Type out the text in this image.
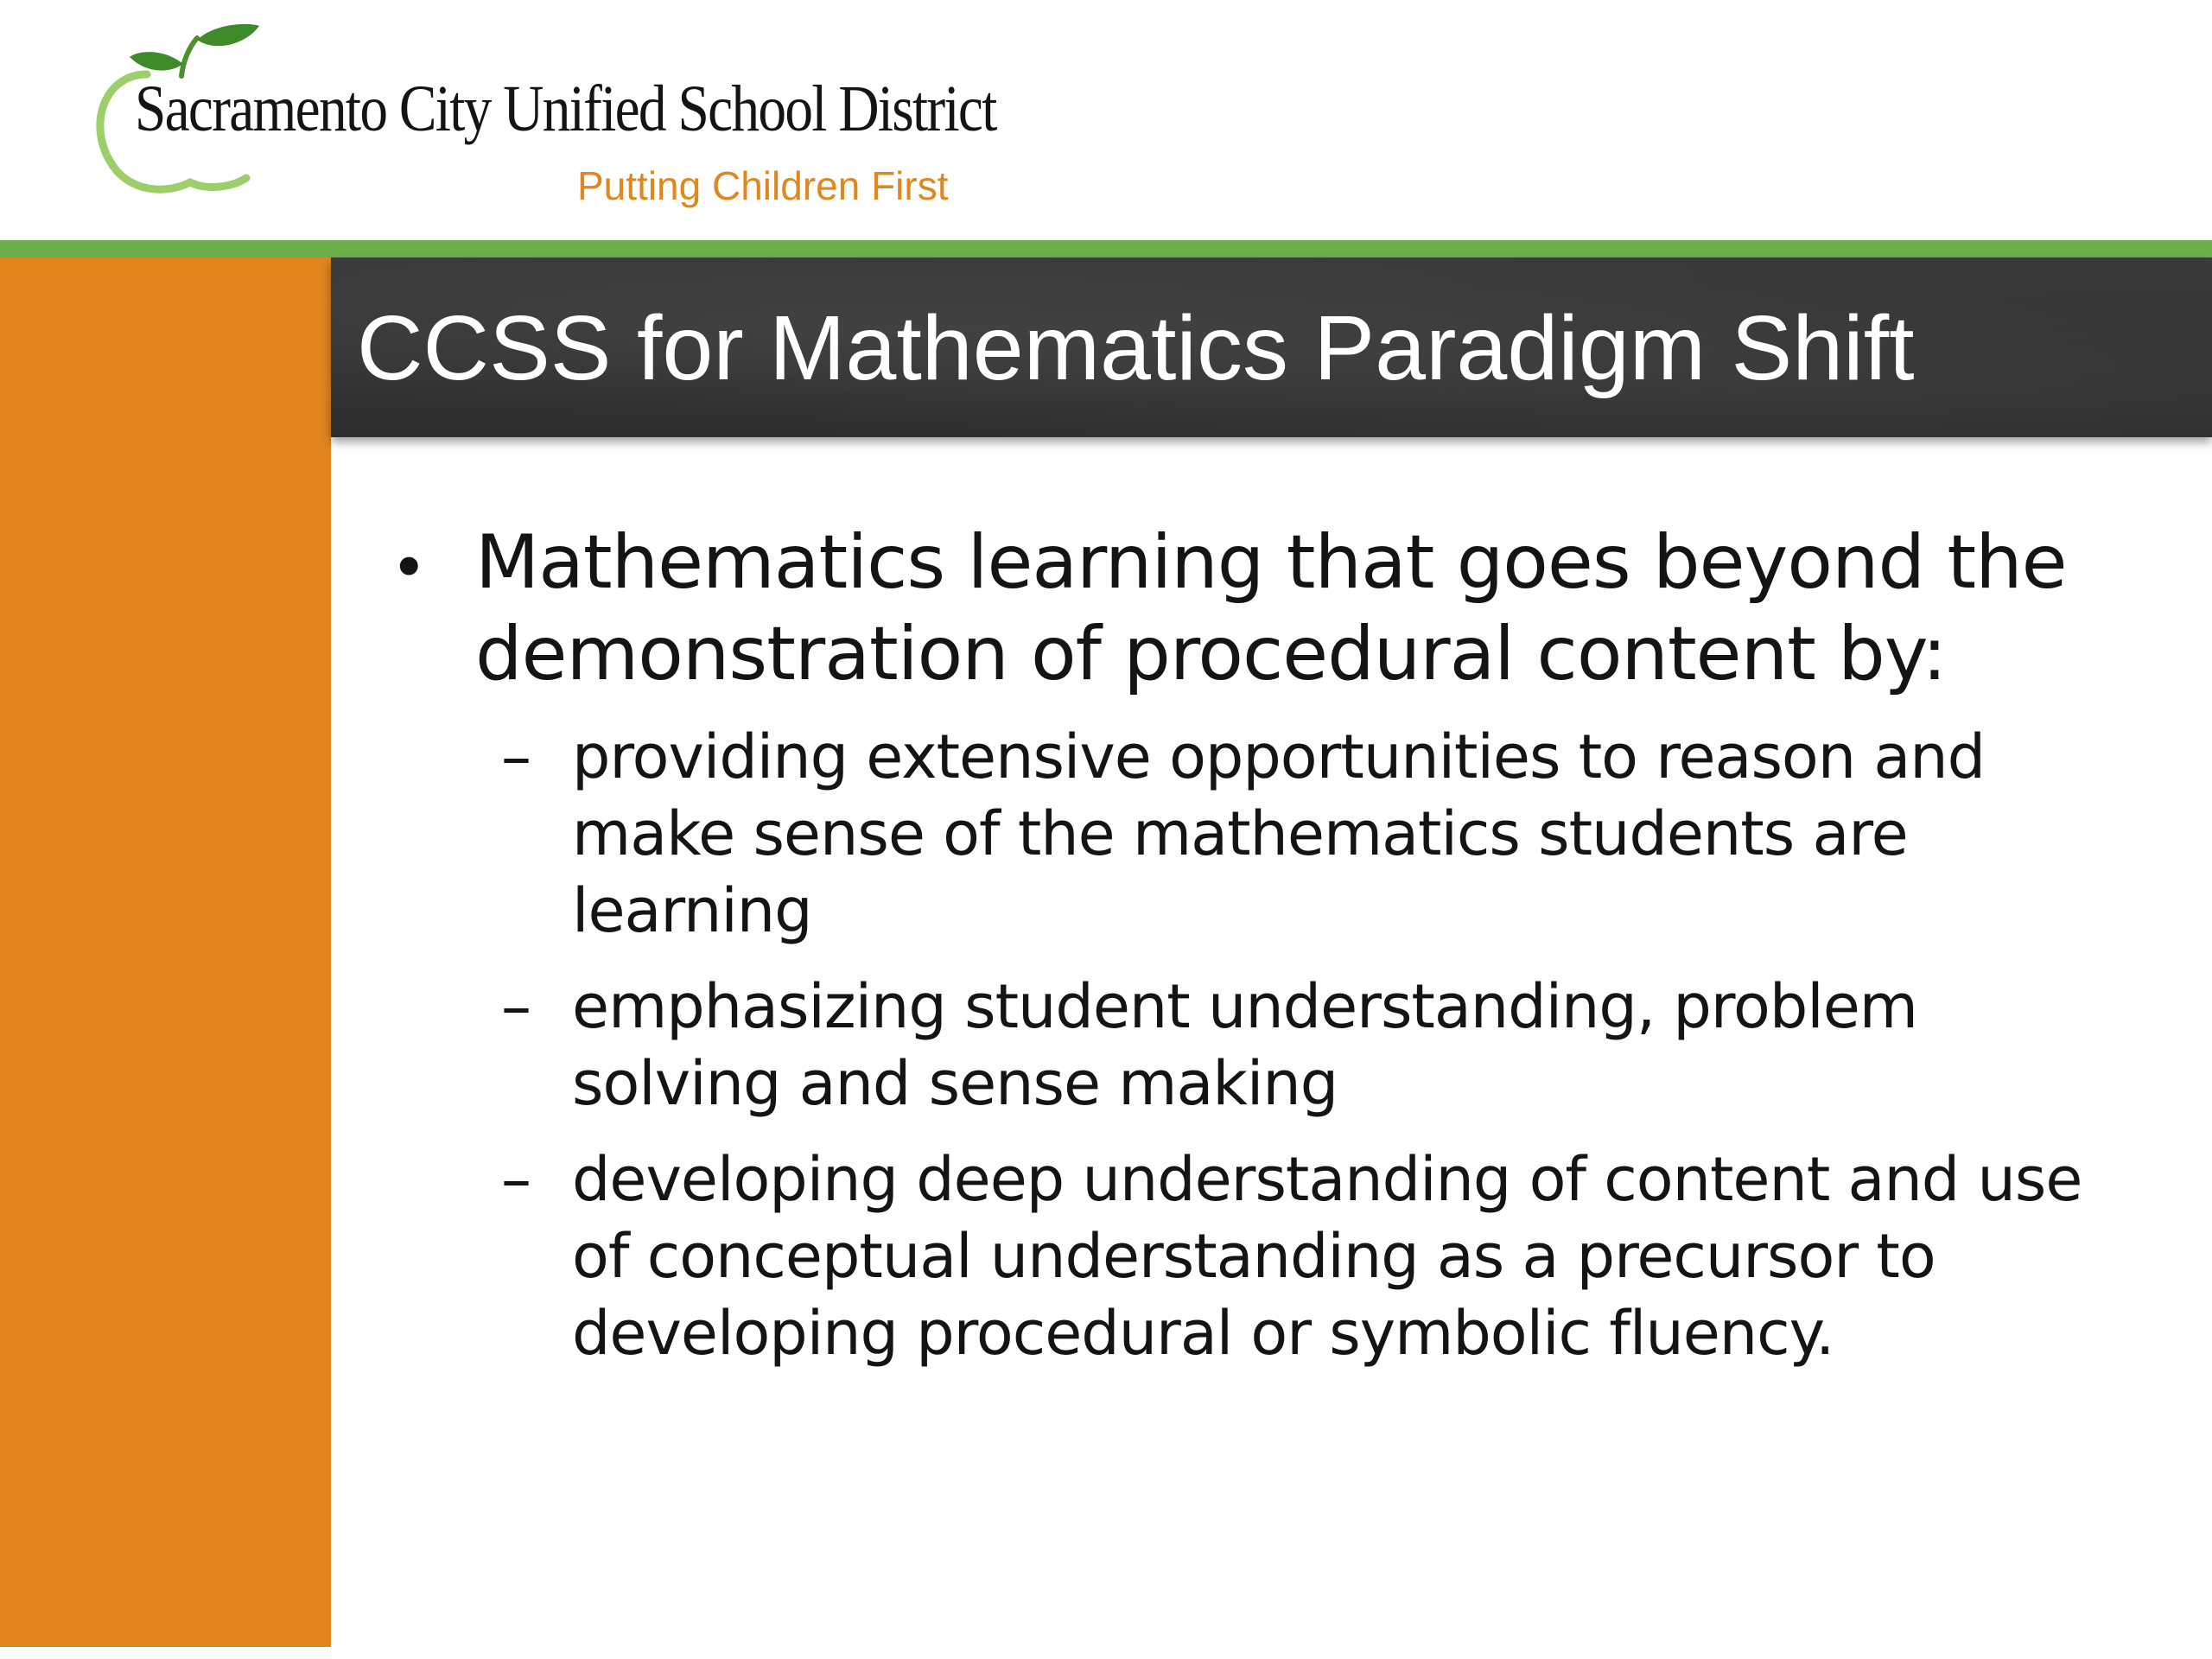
Sacramento City Unified School District
Putting Children First
CCSS for Mathematics Paradigm Shift
• Mathematics learning that goes beyond the demonstration of procedural content by:
– providing extensive opportunities to reason and make sense of the mathematics students are learning
– emphasizing student understanding, problem solving and sense making
– developing deep understanding of content and use of conceptual understanding as a precursor to developing procedural or symbolic fluency.
